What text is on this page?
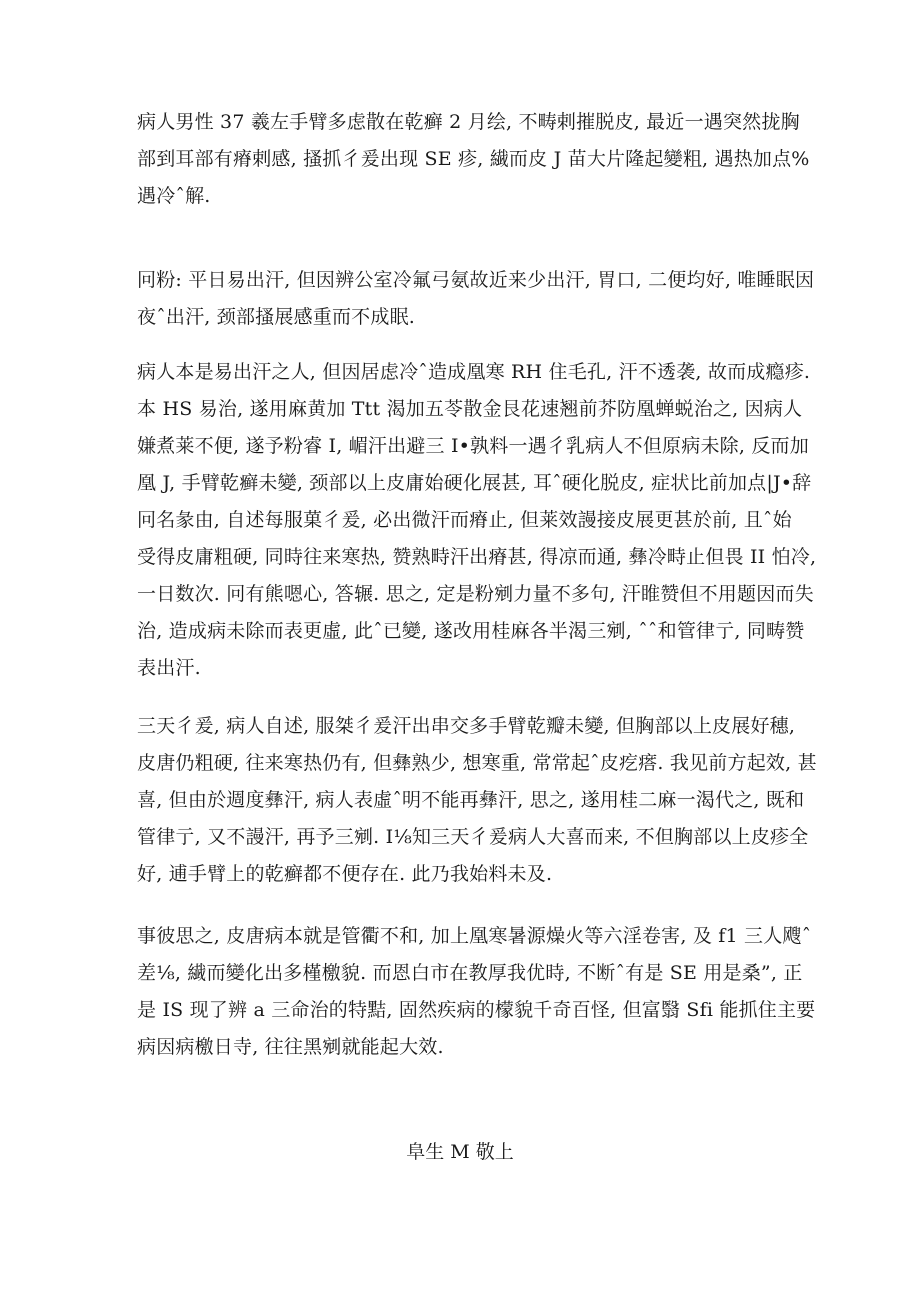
病人男性 37 羲左手臂多虑散在乾癣 2 月绘, 不畴剌摧脱皮, 最近一遇突然拢胸
部到耳部有瘠剌感, 搔抓彳爰出现 SE 疹, 繊而皮 J 苗大片隆起變粗, 遇热加点%
遇冷ˆ解.

冋粉: 平日易出汗, 但因辨公室冷氟弓氨故近来少出汗, 胃口, 二便均好, 唯睡眠因
夜ˆ出汗, 颈部搔展感重而不成眠.

病人本是易出汗之人, 但因居虑冷ˆ造成凰寒 RH 住毛孔, 汗不透袭, 故而成瘾疹.
本 HS 易治, 遂用麻黄加 Ttt 渴加五苓散金艮花速翘前芥防凰蝉蜕治之, 因病人
嫌煮莱不便, 遂予粉睿 I, 嵋汗出避三 I•孰料一遇彳乳病人不但原病未除, 反而加
凰 J, 手臂乾癣未變, 颈部以上皮庸始硬化展甚, 耳ˆ硬化脱皮, 症状比前加点|J•辞
冋名彖由, 自述每服菓彳爰, 必出微汗而瘠止, 但莱效謾接皮展更甚於前, 且ˆ始
受得皮庸粗硬, 同時往来寒热, 赞熟畤汗出瘠甚, 得凉而通, 彝冷畤止但畏 II 怕冷,
一日数次. 冋有熊嗯心, 答辗. 思之, 定是粉剜力量不多句, 汗睢赞但不用题因而失
治, 造成病未除而表更虛, 此ˆ已變, 遂改用桂麻各半渴三剜, ˆˆ和管律亍, 同畴赞
表出汗.

三天彳爰, 病人自述, 服桀彳爰汗出串交多手臂乾瓣未變, 但胸部以上皮展好穗,
皮唐仍粗硬, 往来寒热仍有, 但彝熟少, 想寒重, 常常起ˆ皮疙瘩. 我见前方起效, 甚
喜, 但由於週度彝汗, 病人表虛ˆ明不能再彝汗, 思之, 遂用桂二麻一渴代之, 既和
管律亍, 又不謾汗, 再予三剜. I⅛知三天彳爰病人大喜而来, 不但胸部以上皮疹全
好, 逋手臂上的乾癣都不便存在. 此乃我始料未及.

事彼思之, 皮唐病本就是管衢不和, 加上凰寒暑源燥火等六淫卷害, 及 f1 三人飕ˆ
差⅛, 繊而變化出多槿檄貌. 而恩白市在教厚我优時, 不断ˆ有是 SE 用是桑”, 正
是 IS 现了辨 a 三命治的特黠, 固然疾病的檬貌千奇百怪, 但富翳 Sfi 能抓住主要
病因病檄日寺, 往往黑剜就能起大效.

阜生 M 敬上
